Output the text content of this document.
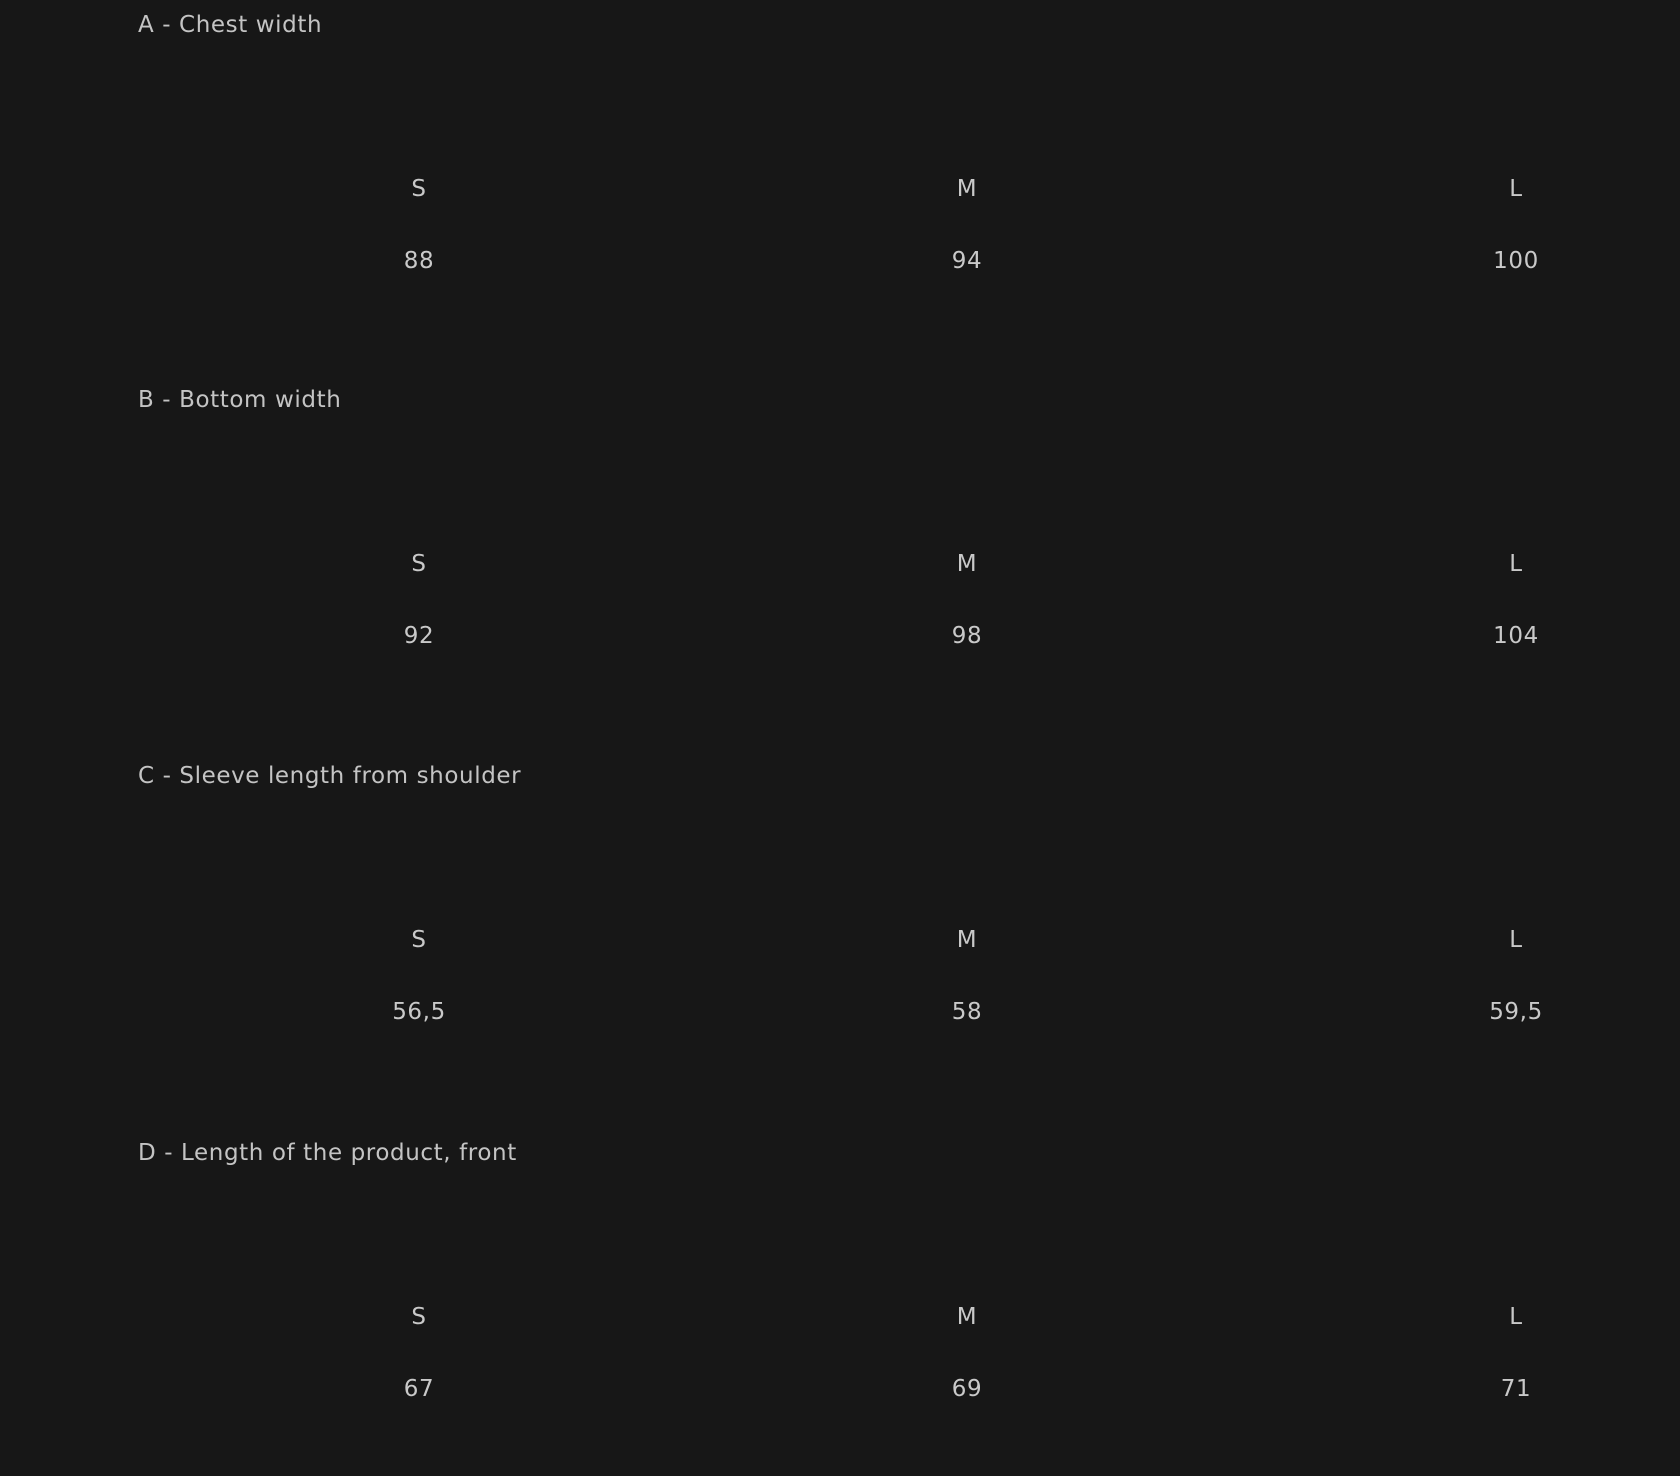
A - Chest width
S	M	L
88	94	100
B - Bottom width
S	M	L
92	98	104
C - Sleeve length from shoulder
S	M	L
56,5	58	59,5
D - Length of the product, front
S	M	L
67	69	71
